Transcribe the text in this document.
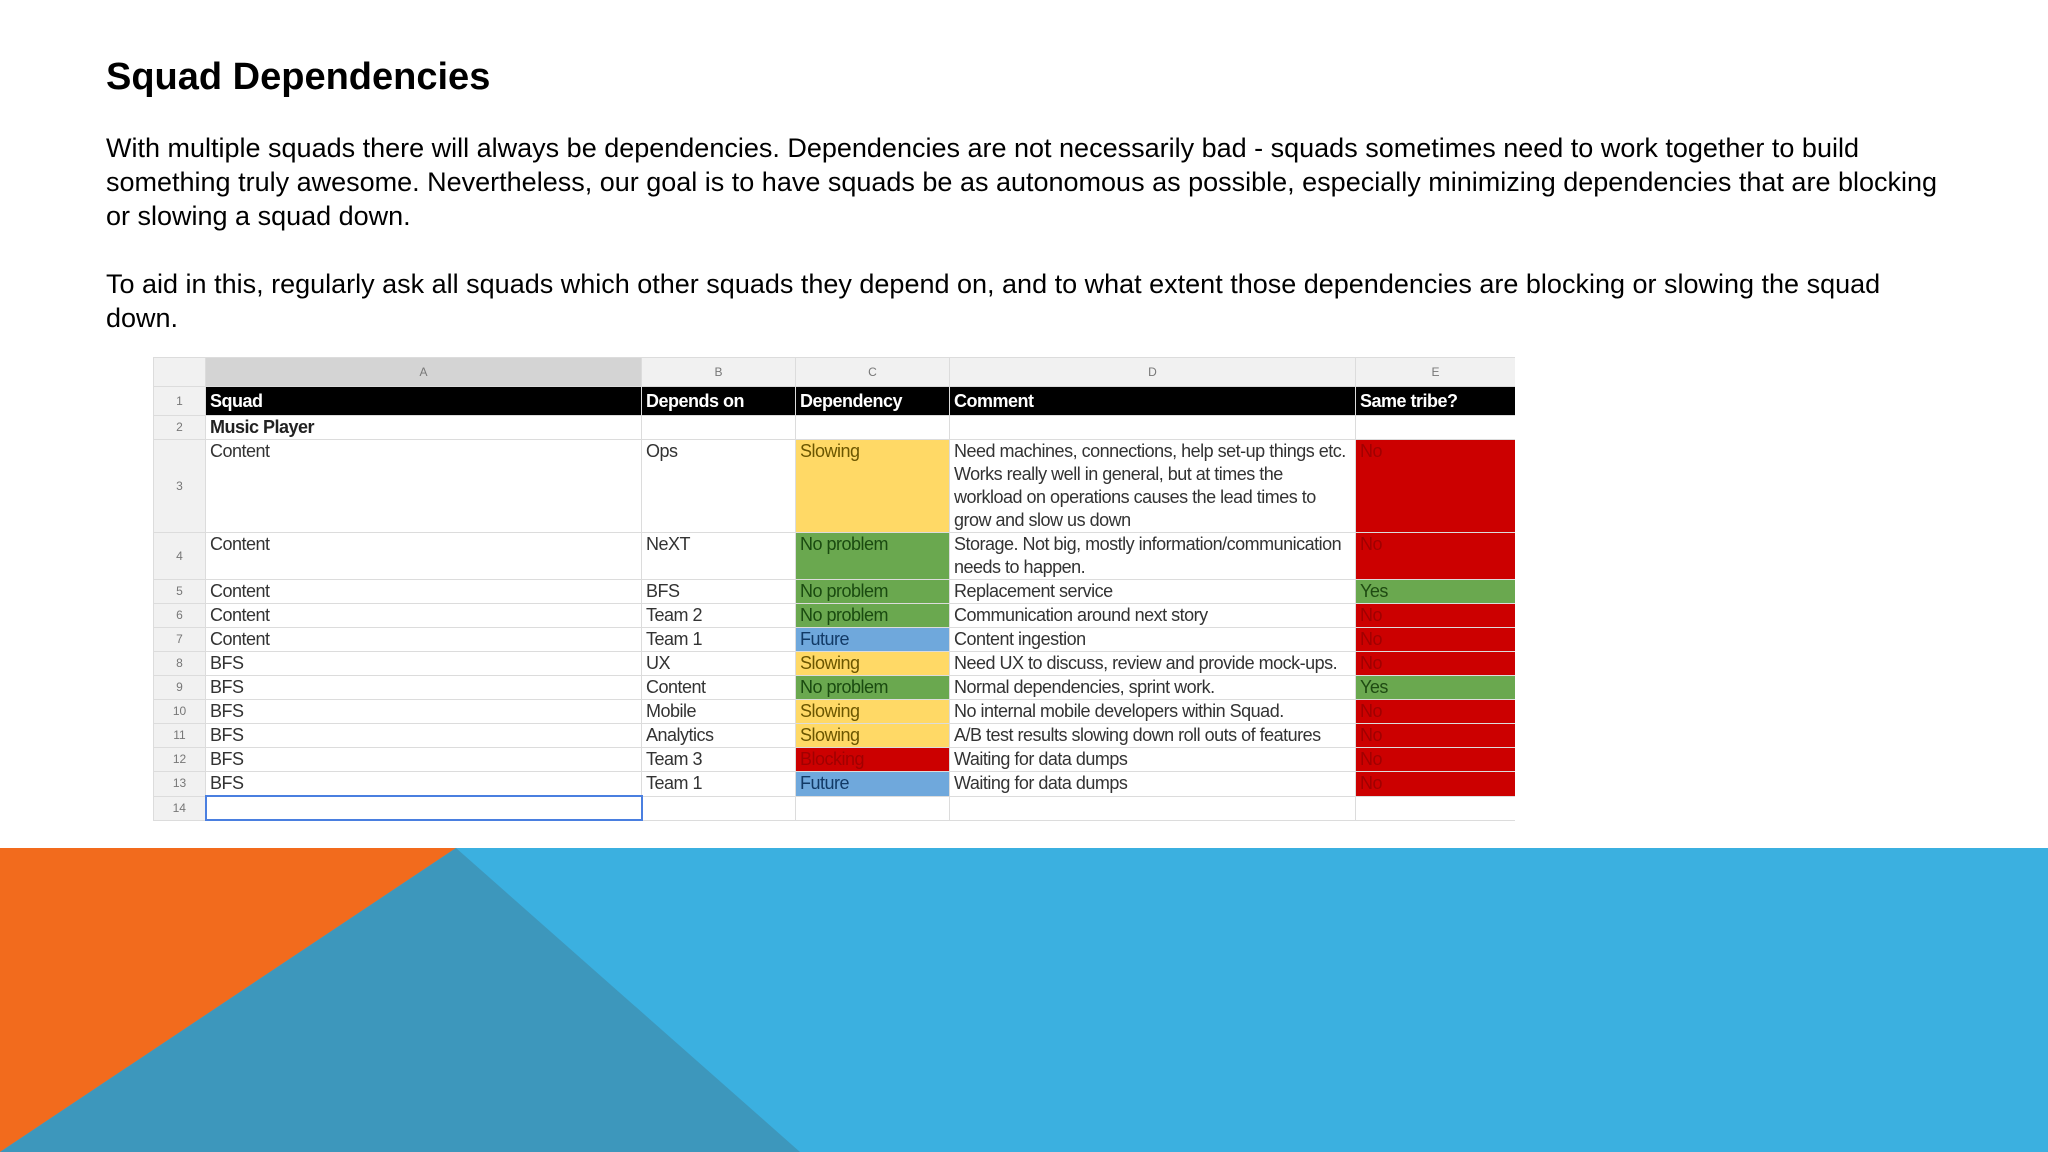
Squad Dependencies

With multiple squads there will always be dependencies. Dependencies are not necessarily bad - squads sometimes need to work together to build something truly awesome. Nevertheless, our goal is to have squads be as autonomous as possible, especially minimizing dependencies that are blocking or slowing a squad down.

To aid in this, regularly ask all squads which other squads they depend on, and to what extent those dependencies are blocking or slowing the squad down.

	A	B	C	D	E
1	Squad	Depends on	Dependency	Comment	Same tribe?
2	Music Player				
3	Content	Ops	Slowing	Need machines, connections, help set-up things etc. Works really well in general, but at times the workload on operations causes the lead times to grow and slow us down	No
4	Content	NeXT	No problem	Storage. Not big, mostly information/communication needs to happen.	No
5	Content	BFS	No problem	Replacement service	Yes
6	Content	Team 2	No problem	Communication around next story	No
7	Content	Team 1	Future	Content ingestion	No
8	BFS	UX	Slowing	Need UX to discuss, review and provide mock-ups.	No
9	BFS	Content	No problem	Normal dependencies, sprint work.	Yes
10	BFS	Mobile	Slowing	No internal mobile developers within Squad.	No
11	BFS	Analytics	Slowing	A/B test results slowing down roll outs of features	No
12	BFS	Team 3	Blocking	Waiting for data dumps	No
13	BFS	Team 1	Future	Waiting for data dumps	No
14					
